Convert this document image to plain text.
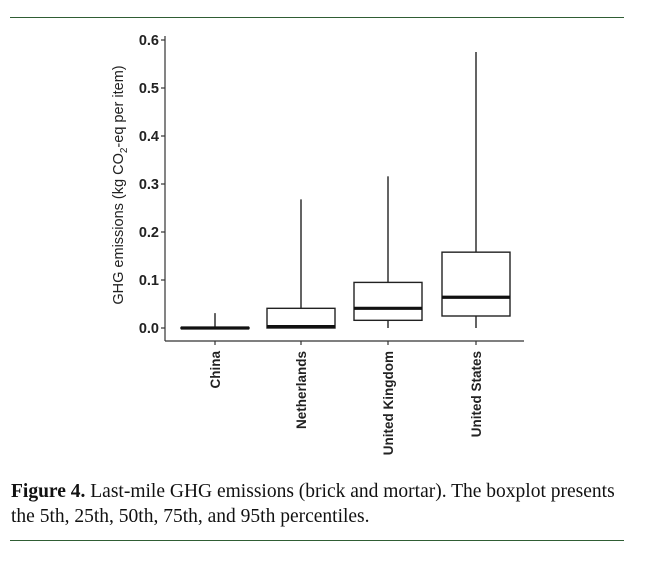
GHG emissions (kg $CO_2-eq$ per item)
0.0
0.1
0.2
0.3
0.4
0.5
0.6
China	Netherlands	United Kingdom	United States
Figure 4. Last-mile GHG emissions (brick and mortar). The boxplot presents the 5th, 25th, 50th, 75th, and 95th percentiles.
